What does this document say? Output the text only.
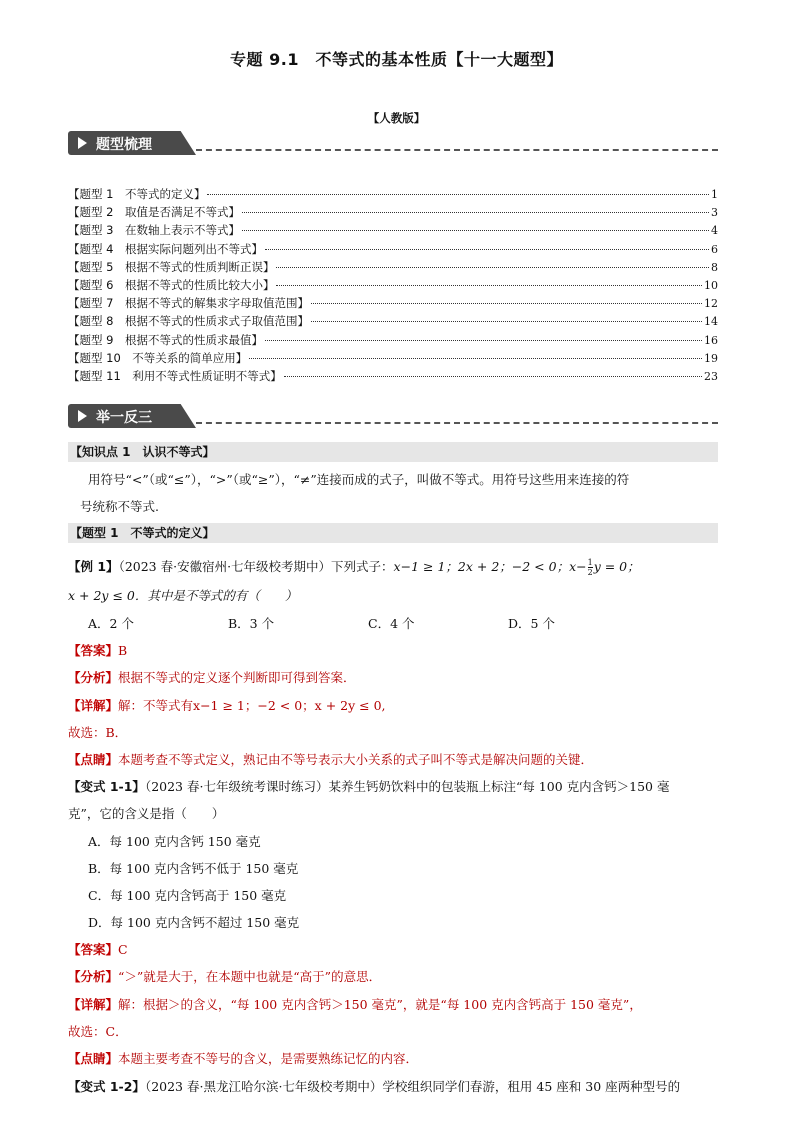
专题 9.1　不等式的基本性质【十一大题型】
【人教版】
题型梳理
【题型 1　不等式的定义】	1
【题型 2　取值是否满足不等式】	3
【题型 3　在数轴上表示不等式】	4
【题型 4　根据实际问题列出不等式】	6
【题型 5　根据不等式的性质判断正误】	8
【题型 6　根据不等式的性质比较大小】	10
【题型 7　根据不等式的解集求字母取值范围】	12
【题型 8　根据不等式的性质求式子取值范围】	14
【题型 9　根据不等式的性质求最值】	16
【题型 10　不等关系的简单应用】	19
【题型 11　利用不等式性质证明不等式】	23
举一反三
【知识点 1　认识不等式】
用符号“<”（或“≤”），“>”（或“≥”），“≠”连接而成的式子，叫做不等式。用符号这些用来连接的符
号统称不等式.
【题型 1　不等式的定义】
【例 1】（2023 春·安徽宿州·七年级校考期中）下列式子：x−1 ≥ 1；2x + 2；−2 < 0；$x- \frac{1}{2}$ y = 0；
x + 2y ≤ 0．其中是不等式的有（　　）
A．2 个	B．3 个	C．4 个	D．5 个
【答案】B
【分析】根据不等式的定义逐个判断即可得到答案．
【详解】解：不等式有x−1 ≥ 1；−2 < 0；x + 2y ≤ 0,
故选：B．
【点睛】本题考查不等式定义，熟记由不等号表示大小关系的式子叫不等式是解决问题的关键．
【变式 1-1】（2023 春·七年级统考课时练习）某养生钙奶饮料中的包装瓶上标注“每 100 克内含钙＞150 毫
克”，它的含义是指（　　）
A．每 100 克内含钙 150 毫克
B．每 100 克内含钙不低于 150 毫克
C．每 100 克内含钙高于 150 毫克
D．每 100 克内含钙不超过 150 毫克
【答案】C
【分析】“＞”就是大于，在本题中也就是“高于”的意思．
【详解】解：根据＞的含义，“每 100 克内含钙＞150 毫克”，就是“每 100 克内含钙高于 150 毫克”，
故选：C．
【点睛】本题主要考查不等号的含义，是需要熟练记忆的内容．
【变式 1-2】（2023 春·黑龙江哈尔滨·七年级校考期中）学校组织同学们春游，租用 45 座和 30 座两种型号的
